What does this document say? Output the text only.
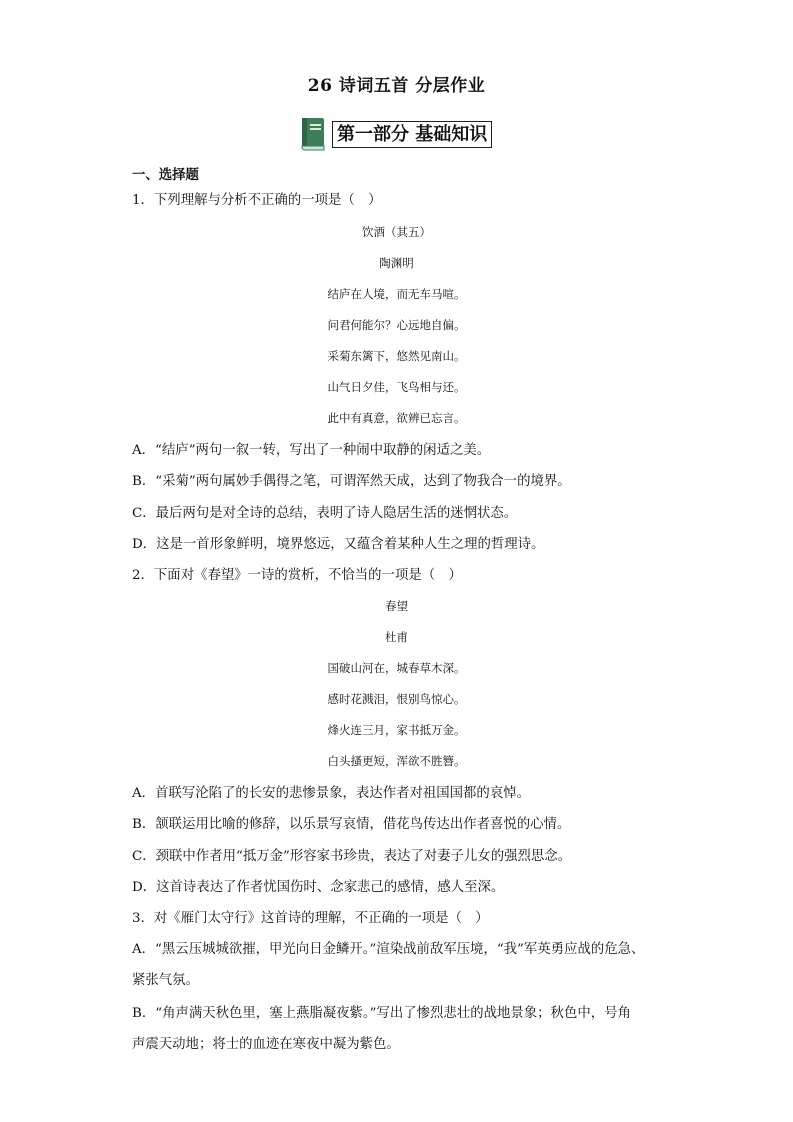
26 诗词五首 分层作业
第一部分 基础知识
一、选择题
1．下列理解与分析不正确的一项是（　）
饮酒（其五）
陶渊明
结庐在人境，而无车马喧。
问君何能尔？心远地自偏。
采菊东篱下，悠然见南山。
山气日夕佳，飞鸟相与还。
此中有真意，欲辨已忘言。
A．“结庐”两句一叙一转，写出了一种闹中取静的闲适之美。
B．“采菊”两句属妙手偶得之笔，可谓浑然天成，达到了物我合一的境界。
C．最后两句是对全诗的总结，表明了诗人隐居生活的迷惘状态。
D．这是一首形象鲜明，境界悠远，又蕴含着某种人生之理的哲理诗。
2．下面对《春望》一诗的赏析，不恰当的一项是（　）
春望
杜甫
国破山河在，城春草木深。
感时花溅泪，恨别鸟惊心。
烽火连三月，家书抵万金。
白头搔更短，浑欲不胜簪。
A．首联写沦陷了的长安的悲惨景象，表达作者对祖国国都的哀悼。
B．颔联运用比喻的修辞，以乐景写哀情，借花鸟传达出作者喜悦的心情。
C．颈联中作者用“抵万金”形容家书珍贵，表达了对妻子儿女的强烈思念。
D．这首诗表达了作者忧国伤时、念家悲己的感情，感人至深。
3．对《雁门太守行》这首诗的理解，不正确的一项是（　）
A．“黑云压城城欲摧，甲光向日金鳞开。”渲染战前敌军压境，“我”军英勇应战的危急、
紧张气氛。
B．“角声满天秋色里，塞上燕脂凝夜紫。”写出了惨烈悲壮的战地景象；秋色中，号角
声震天动地；将士的血迹在寒夜中凝为紫色。
